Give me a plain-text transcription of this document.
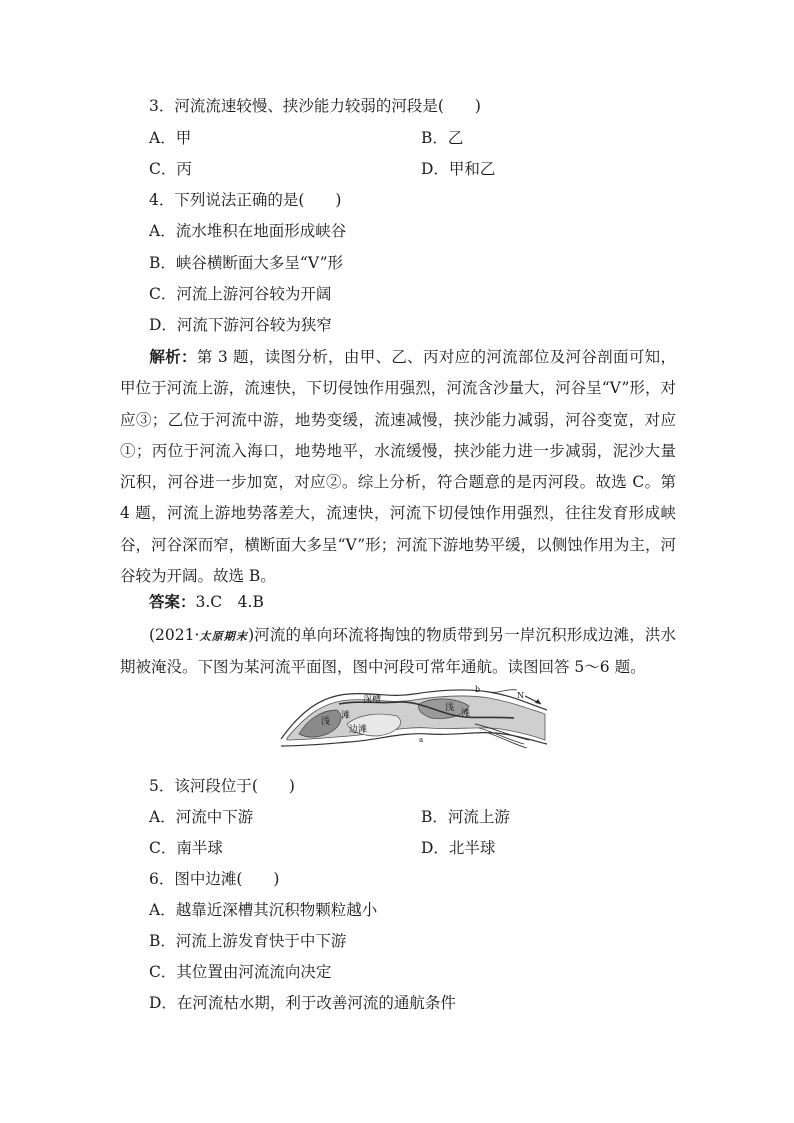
3．河流流速较慢、挟沙能力较弱的河段是(　　)
A．甲	B．乙
C．丙	D．甲和乙
4．下列说法正确的是(　　)
A．流水堆积在地面形成峡谷
B．峡谷横断面大多呈“V”形
C．河流上游河谷较为开阔
D．河流下游河谷较为狭窄
解析：第 3 题，读图分析，由甲、乙、丙对应的河流部位及河谷剖面可知，甲位于河流上游，流速快，下切侵蚀作用强烈，河流含沙量大，河谷呈“V”形，对应③；乙位于河流中游，地势变缓，流速减慢，挟沙能力减弱，河谷变宽，对应①；丙位于河流入海口，地势地平，水流缓慢，挟沙能力进一步减弱，泥沙大量沉积，河谷进一步加宽，对应②。综上分析，符合题意的是丙河段。故选 C。第 4 题，河流上游地势落差大，流速快，河流下切侵蚀作用强烈，往往发育形成峡谷，河谷深而窄，横断面大多呈“V”形；河流下游地势平缓，以侧蚀作用为主，河谷较为开阔。故选 B。
答案：3.C　4.B
(2021·太原期末)河流的单向环流将掏蚀的物质带到另一岸沉积形成边滩，洪水期被淹没。下图为某河流平面图，图中河段可常年通航。读图回答 5～6 题。
深槽
浅
滩
浅
滩
边滩
a
b
N
5．该河段位于(　　)
A．河流中下游	B．河流上游
C．南半球	D．北半球
6．图中边滩(　　)
A．越靠近深槽其沉积物颗粒越小
B．河流上游发育快于中下游
C．其位置由河流流向决定
D．在河流枯水期，利于改善河流的通航条件
